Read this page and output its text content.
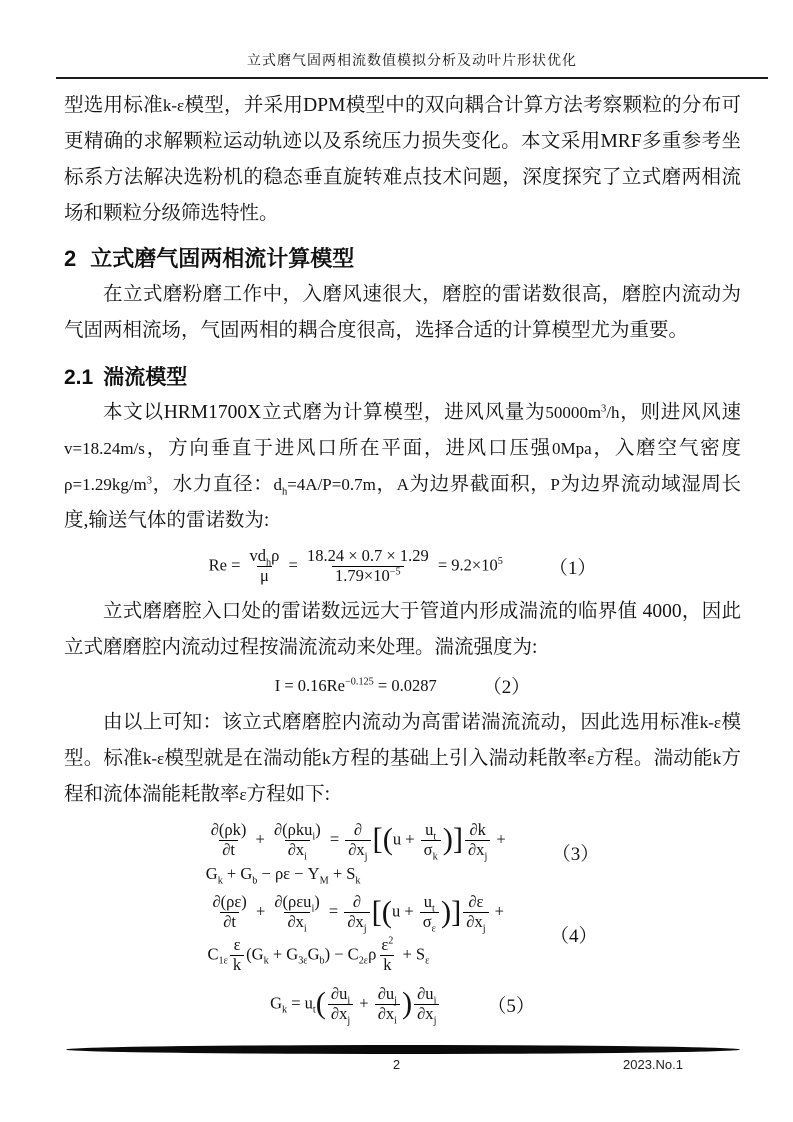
立式磨气固两相流数值模拟分析及动叶片形状优化

型选用标准k-ε模型，并采用DPM模型中的双向耦合计算方法考察颗粒的分布可更精确的求解颗粒运动轨迹以及系统压力损失变化。本文采用MRF多重参考坐标系方法解决选粉机的稳态垂直旋转难点技术问题，深度探究了立式磨两相流场和颗粒分级筛选特性。

2 立式磨气固两相流计算模型

在立式磨粉磨工作中，入磨风速很大，磨腔的雷诺数很高，磨腔内流动为气固两相流场，气固两相的耦合度很高，选择合适的计算模型尤为重要。

2.1 湍流模型

本文以HRM1700X立式磨为计算模型，进风风量为$50000m^3/h$，则进风风速v=18.24m/s，方向垂直于进风口所在平面，进风口压强0Mpa，入磨空气密度$\rho=1.29kg/m^3$，水力直径：$d_h=4A/P=0.7m$，A为边界截面积，P为边界流动域湿周长度,输送气体的雷诺数为:

$Re = \frac{vd_h\rho}{\mu} = \frac{18.24 \times 0.7 \times 1.29}{1.79\times 10^{-5}} = 9.2\times 10^5$ （1）

立式磨磨腔入口处的雷诺数远远大于管道内形成湍流的临界值 4000，因此立式磨磨腔内流动过程按湍流流动来处理。湍流强度为:

$I = 0.16Re^{-0.125} = 0.0287$ （2）

由以上可知：该立式磨磨腔内流动为高雷诺湍流流动，因此选用标准k-ε模型。标准k-ε模型就是在湍动能k方程的基础上引入湍动耗散率ε方程。湍动能k方程和流体湍能耗散率ε方程如下:

$\frac{\partial(\rho k)}{\partial t} + \frac{\partial(\rho ku_i)}{\partial x_i} = \frac{\partial}{\partial x_j} [(u + \frac{u_t}{\sigma_k}$ )] $\frac{\partial k}{\partial x_j}$ +
$G_k + G_b - \rho\varepsilon - Y_M + S_k$
（3）
$\frac{\partial(\rho\varepsilon)}{\partial t} + \frac{\partial(\rho\varepsilon u_i)}{\partial x_i} = \frac{\partial}{\partial x_j} [(u + \frac{u_t}{\sigma_\varepsilon}$ )] $\frac{\partial\varepsilon}{\partial x_j}$ +
$C_{1\varepsilon} \frac{\varepsilon}{k} (G_k + G_{3\varepsilon}G_b) - C_{2\varepsilon}\rho \frac{\varepsilon^2}{k} + S_\varepsilon$
（4）
$G_k = u_t( \frac{\partial u_i}{\partial x_j} + \frac{\partial u_j}{\partial x_i}$ ) $\frac{\partial u_i}{\partial x_j}$	（5）
2	2023.No.1
